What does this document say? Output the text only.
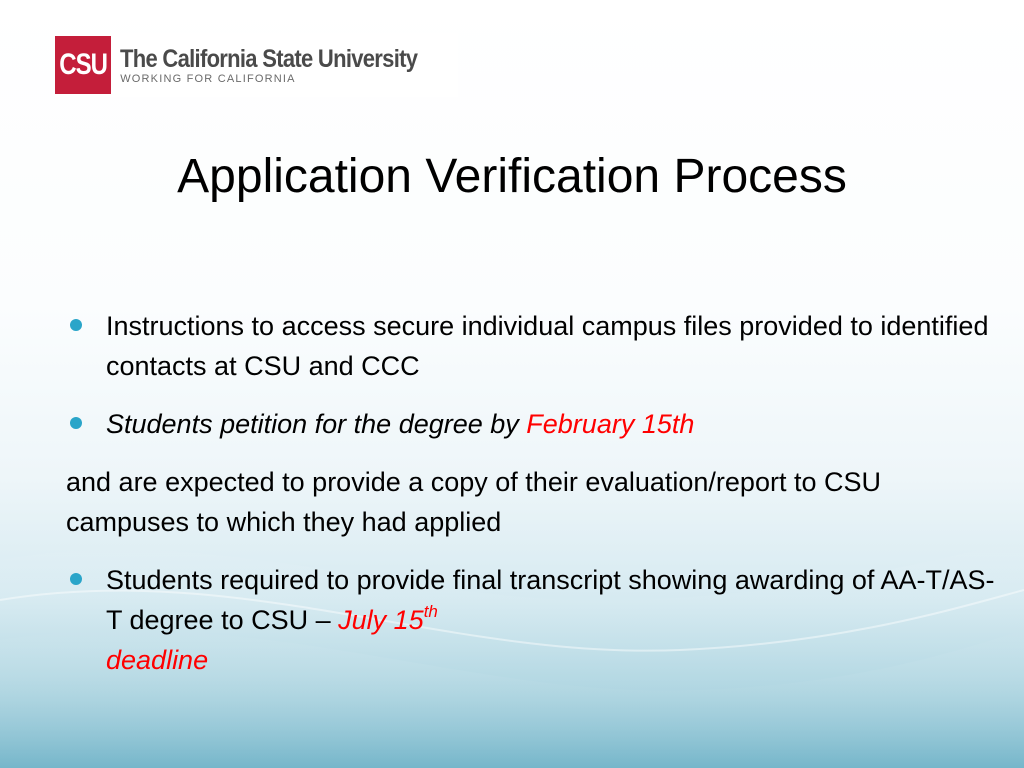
CSU The California State University
WORKING FOR CALIFORNIA
Application Verification Process
Instructions to access secure individual campus files provided to identified contacts at CSU and CCC
Students petition for the degree by February 15th
and are expected to provide a copy of their evaluation/report to CSU campuses to which they had applied
Students required to provide final transcript showing awarding of AA-T/AS-T degree to CSU – July 15th
deadline
